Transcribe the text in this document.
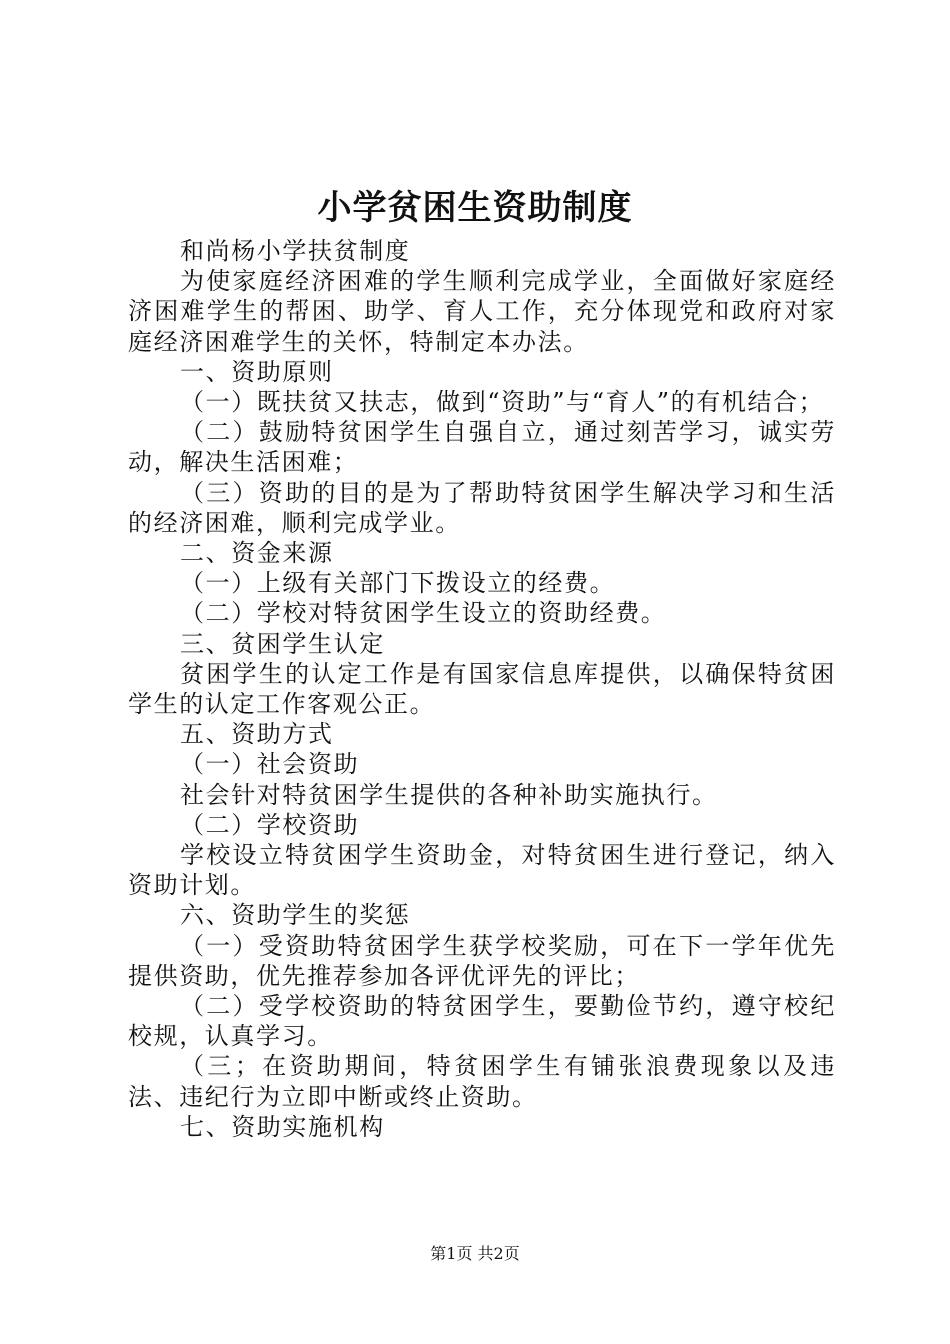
小学贫困生资助制度

和尚杨小学扶贫制度

为使家庭经济困难的学生顺利完成学业，全面做好家庭经济困难学生的帮困、助学、育人工作，充分体现党和政府对家庭经济困难学生的关怀，特制定本办法。

一、资助原则

（一）既扶贫又扶志，做到“资助”与“育人”的有机结合；

（二）鼓励特贫困学生自强自立，通过刻苦学习，诚实劳动，解决生活困难；

（三）资助的目的是为了帮助特贫困学生解决学习和生活的经济困难，顺利完成学业。

二、资金来源

（一）上级有关部门下拨设立的经费。

（二）学校对特贫困学生设立的资助经费。

三、贫困学生认定

贫困学生的认定工作是有国家信息库提供，以确保特贫困学生的认定工作客观公正。

五、资助方式

（一）社会资助

社会针对特贫困学生提供的各种补助实施执行。

（二）学校资助

学校设立特贫困学生资助金，对特贫困生进行登记，纳入资助计划。

六、资助学生的奖惩

（一）受资助特贫困学生获学校奖励，可在下一学年优先提供资助，优先推荐参加各评优评先的评比；

（二）受学校资助的特贫困学生，要勤俭节约，遵守校纪校规，认真学习。

（三；在资助期间，特贫困学生有铺张浪费现象以及违法、违纪行为立即中断或终止资助。

七、资助实施机构

第1页 共2页
